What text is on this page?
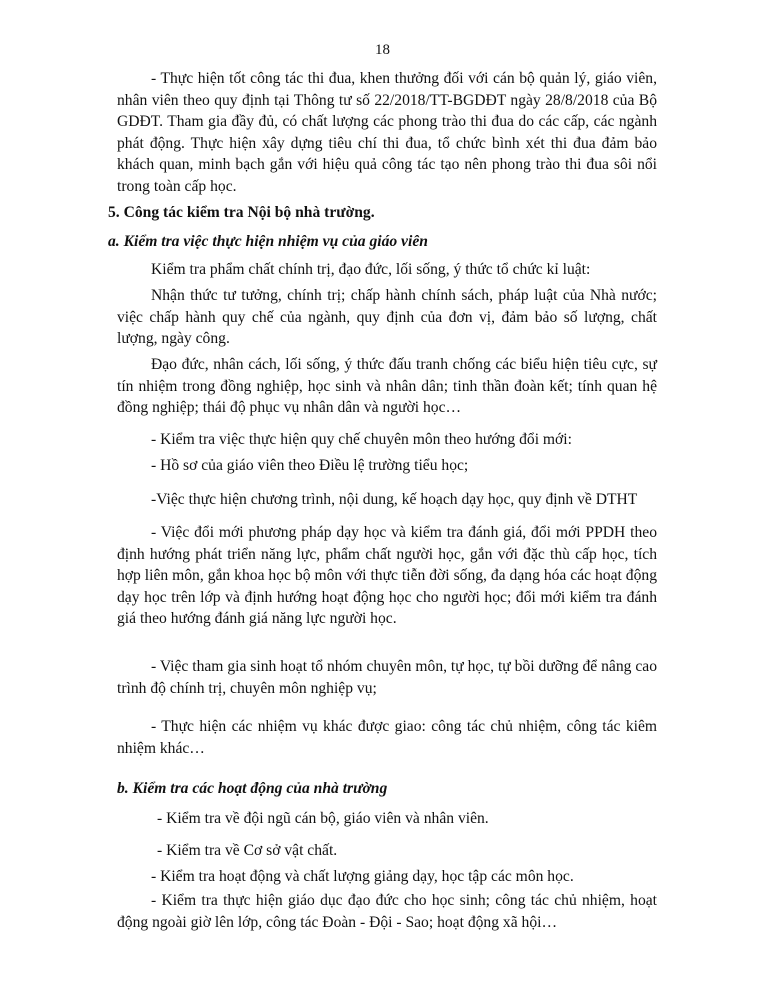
18

- Thực hiện tốt công tác thi đua, khen thưởng đối với cán bộ quản lý, giáo viên, nhân viên theo quy định tại Thông tư số 22/2018/TT-BGDĐT ngày 28/8/2018 của Bộ GDĐT. Tham gia đầy đủ, có chất lượng các phong trào thi đua do các cấp, các ngành phát động. Thực hiện xây dựng tiêu chí thi đua, tổ chức bình xét thi đua đảm bảo khách quan, minh bạch gắn với hiệu quả công tác tạo nên phong trào thi đua sôi nổi trong toàn cấp học.

5. Công tác kiểm tra Nội bộ nhà trường.
a. Kiểm tra việc thực hiện nhiệm vụ của giáo viên

Kiểm tra phẩm chất chính trị, đạo đức, lối sống, ý thức tổ chức kỉ luật:

Nhận thức tư tưởng, chính trị; chấp hành chính sách, pháp luật của Nhà nước; việc chấp hành quy chế của ngành, quy định của đơn vị, đảm bảo số lượng, chất lượng, ngày công.

Đạo đức, nhân cách, lối sống, ý thức đấu tranh chống các biểu hiện tiêu cực, sự tín nhiệm trong đồng nghiệp, học sinh và nhân dân; tinh thần đoàn kết; tính quan hệ đồng nghiệp; thái độ phục vụ nhân dân và người học…

- Kiểm tra việc thực hiện quy chế chuyên môn theo hướng đổi mới:

- Hồ sơ của giáo viên theo Điều lệ trường tiểu học;

-Việc thực hiện chương trình, nội dung, kế hoạch dạy học, quy định về DTHT

- Việc đổi mới phương pháp dạy học và kiểm tra đánh giá, đổi mới PPDH theo định hướng phát triển năng lực, phẩm chất người học, gắn với đặc thù cấp học, tích hợp liên môn, gắn khoa học bộ môn với thực tiễn đời sống, đa dạng hóa các hoạt động dạy học trên lớp và định hướng hoạt động học cho người học; đổi mới kiểm tra đánh giá theo hướng đánh giá năng lực người học.

- Việc tham gia sinh hoạt tổ nhóm chuyên môn, tự học, tự bồi dưỡng để nâng cao trình độ chính trị, chuyên môn nghiệp vụ;

- Thực hiện các nhiệm vụ khác được giao: công tác chủ nhiệm, công tác kiêm nhiệm khác…

b. Kiểm tra các hoạt động của nhà trường

- Kiểm tra về đội ngũ cán bộ, giáo viên và nhân viên.

- Kiểm tra về Cơ sở vật chất.

- Kiểm tra hoạt động và chất lượng giảng dạy, học tập các môn học.

- Kiểm tra thực hiện giáo dục đạo đức cho học sinh; công tác chủ nhiệm, hoạt động ngoài giờ lên lớp, công tác Đoàn - Đội - Sao; hoạt động xã hội…
